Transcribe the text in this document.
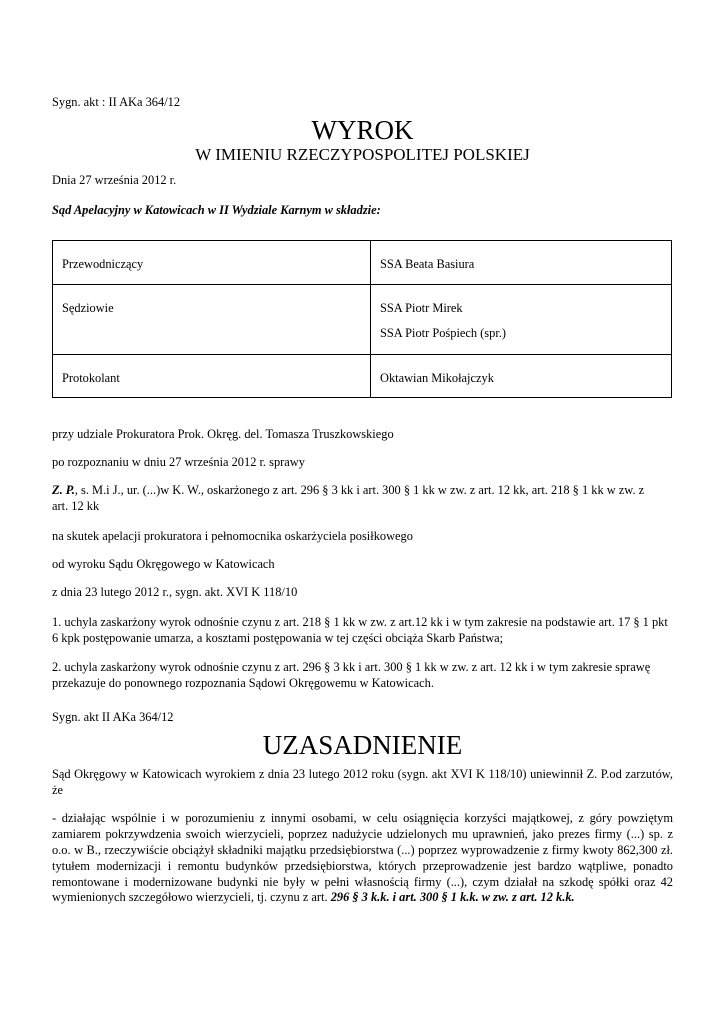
Sygn. akt : II AKa 364/12

WYROK

W IMIENIU RZECZYPOSPOLITEJ POLSKIEJ

Dnia 27 września 2012 r.

Sąd Apelacyjny w Katowicach w II Wydziale Karnym w składzie:

Przewodniczący	SSA Beata Basiura

Sędziowie	SSA Piotr Mirek
SSA Piotr Pośpiech (spr.)

Protokolant	Oktawian Mikołajczyk

przy udziale Prokuratora Prok. Okręg. del. Tomasza Truszkowskiego

po rozpoznaniu w dniu 27 września 2012 r. sprawy

Z. P., s. M.i J., ur. (...)w K. W., oskarżonego z art. 296 § 3 kk i art. 300 § 1 kk w zw. z art. 12 kk, art. 218 § 1 kk w zw. z art. 12 kk

na skutek apelacji prokuratora i pełnomocnika oskarżyciela posiłkowego

od wyroku Sądu Okręgowego w Katowicach

z dnia 23 lutego 2012 r., sygn. akt. XVI K 118/10

1. uchyla zaskarżony wyrok odnośnie czynu z art. 218 § 1 kk w zw. z art.12 kk i w tym zakresie na podstawie art. 17 § 1 pkt 6 kpk postępowanie umarza, a kosztami postępowania w tej części obciąża Skarb Państwa;

2. uchyla zaskarżony wyrok odnośnie czynu z art. 296 § 3 kk i art. 300 § 1 kk w zw. z art. 12 kk i w tym zakresie sprawę przekazuje do ponownego rozpoznania Sądowi Okręgowemu w Katowicach.

Sygn. akt II AKa 364/12

UZASADNIENIE

Sąd Okręgowy w Katowicach wyrokiem z dnia 23 lutego 2012 roku (sygn. akt XVI K 118/10) uniewinnił Z. P.od zarzutów, że

- działając wspólnie i w porozumieniu z innymi osobami, w celu osiągnięcia korzyści majątkowej, z góry powziętym zamiarem pokrzywdzenia swoich wierzycieli, poprzez nadużycie udzielonych mu uprawnień, jako prezes firmy (...) sp. z o.o. w B., rzeczywiście obciążył składniki majątku przedsiębiorstwa (...) poprzez wyprowadzenie z firmy kwoty 862,300 zł. tytułem modernizacji i remontu budynków przedsiębiorstwa, których przeprowadzenie jest bardzo wątpliwe, ponadto remontowane i modernizowane budynki nie były w pełni własnością firmy (...), czym działał na szkodę spółki oraz 42 wymienionych szczegółowo wierzycieli, tj. czynu z art. 296 § 3 k.k. i art. 300 § 1 k.k. w zw. z art. 12 k.k.
